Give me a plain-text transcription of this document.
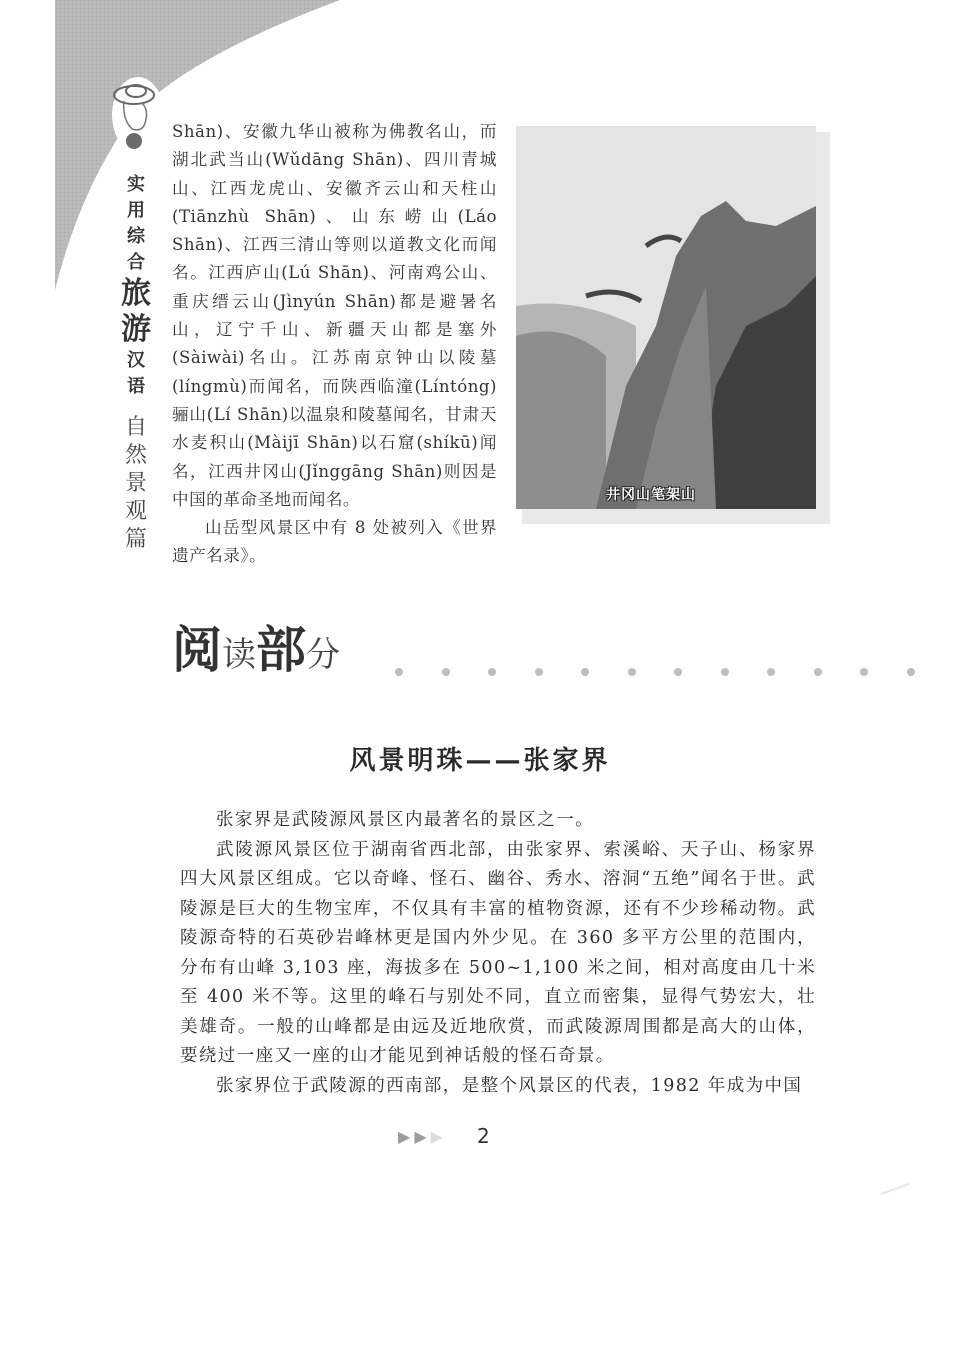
实
用
综
合
旅
游
汉
语
自
然
景
观
篇

Shān)、安徽九华山被称为佛教名山，而湖北武当山(Wǔdāng Shān)、四川青城山、江西龙虎山、安徽齐云山和天柱山(Tiānzhù Shān)、山东崂山(Láo Shān)、江西三清山等则以道教文化而闻名。江西庐山(Lú Shān)、河南鸡公山、重庆缙云山(Jìnyún Shān)都是避暑名山，辽宁千山、新疆天山都是塞外(Sàiwài)名山。江苏南京钟山以陵墓(língmù)而闻名，而陕西临潼(Líntóng)骊山(Lí Shān)以温泉和陵墓闻名，甘肃天水麦积山(Màijī Shān)以石窟(shíkū)闻名，江西井冈山(Jǐnggāng Shān)则因是中国的革命圣地而闻名。

山岳型风景区中有 8 处被列入《世界遗产名录》。

井冈山笔架山
阅 读 部 分
风景明珠——张家界

张家界是武陵源风景区内最著名的景区之一。

武陵源风景区位于湖南省西北部，由张家界、索溪峪、天子山、杨家界四大风景区组成。它以奇峰、怪石、幽谷、秀水、溶洞“五绝”闻名于世。武陵源是巨大的生物宝库，不仅具有丰富的植物资源，还有不少珍稀动物。武陵源奇特的石英砂岩峰林更是国内外少见。在 360 多平方公里的范围内，分布有山峰 3,103 座，海拔多在 500~1,100 米之间，相对高度由几十米至 400 米不等。这里的峰石与别处不同，直立而密集，显得气势宏大，壮美雄奇。一般的山峰都是由远及近地欣赏，而武陵源周围都是高大的山体，要绕过一座又一座的山才能见到神话般的怪石奇景。

张家界位于武陵源的西南部，是整个风景区的代表，1982 年成为中国

▶ ▶ ▶ 2
